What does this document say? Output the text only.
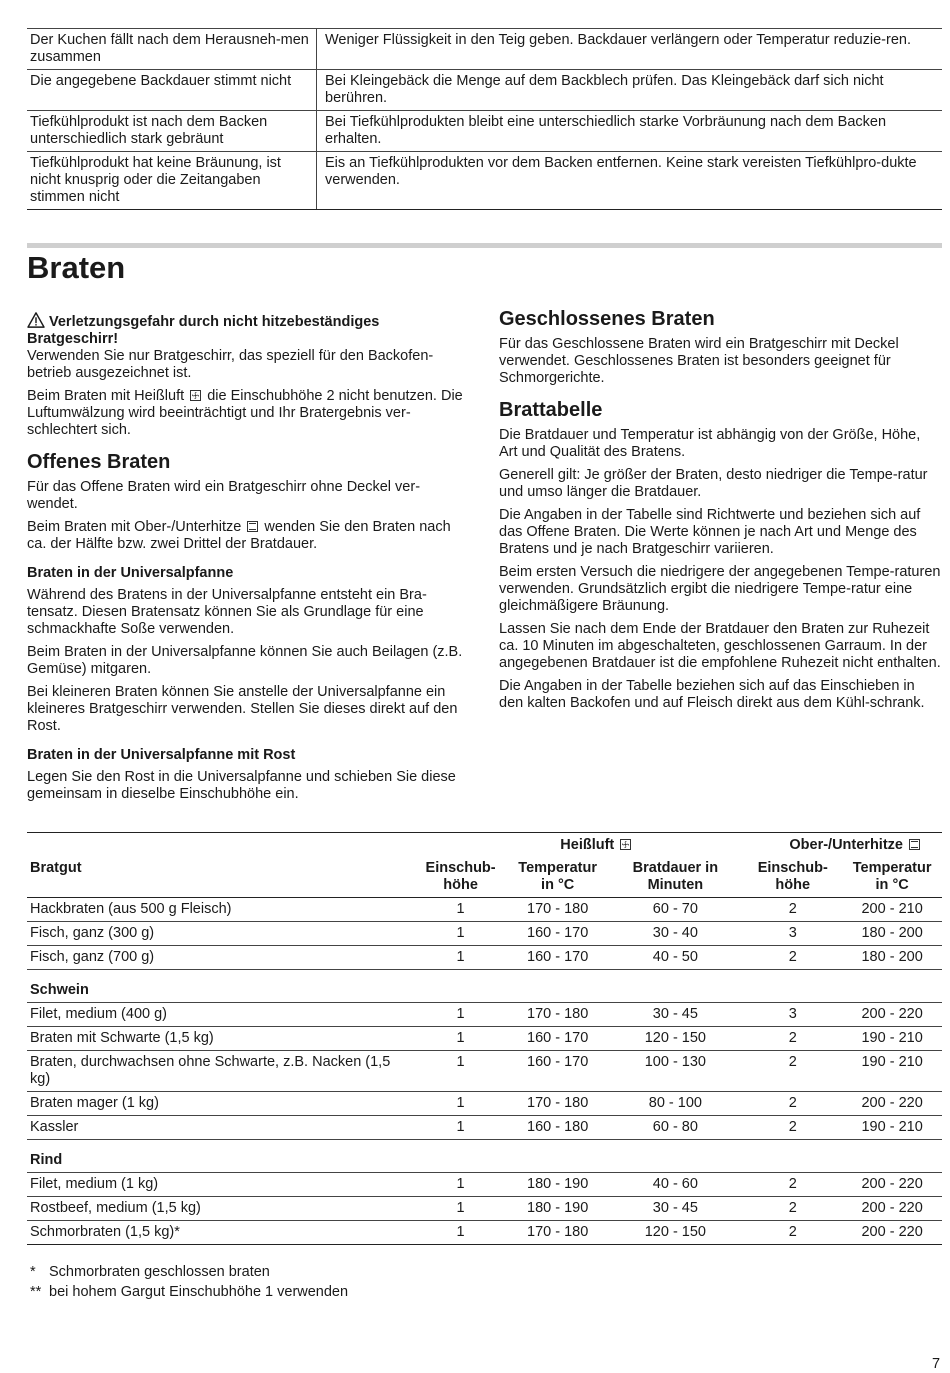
Der Kuchen fällt nach dem Herausneh-men zusammen	Weniger Flüssigkeit in den Teig geben. Backdauer verlängern oder Temperatur reduzie-ren.
Die angegebene Backdauer stimmt nicht	Bei Kleingebäck die Menge auf dem Backblech prüfen. Das Kleingebäck darf sich nicht berühren.
Tiefkühlprodukt ist nach dem Backen unterschiedlich stark gebräunt	Bei Tiefkühlprodukten bleibt eine unterschiedlich starke Vorbräunung nach dem Backen erhalten.
Tiefkühlprodukt hat keine Bräunung, ist nicht knusprig oder die Zeitangaben stimmen nicht	Eis an Tiefkühlprodukten vor dem Backen entfernen. Keine stark vereisten Tiefkühlpro-dukte verwenden.
Braten

Verletzungsgefahr durch nicht hitzebeständiges Bratgeschirr!

Verwenden Sie nur Bratgeschirr, das speziell für den Backofen-betrieb ausgezeichnet ist.

Beim Braten mit Heißluft die Einschubhöhe 2 nicht benutzen. Die Luftumwälzung wird beeinträchtigt und Ihr Bratergebnis ver-schlechtert sich.

Offenes Braten

Für das Offene Braten wird ein Bratgeschirr ohne Deckel ver-wendet.

Beim Braten mit Ober-/Unterhitze wenden Sie den Braten nach ca. der Hälfte bzw. zwei Drittel der Bratdauer.

Braten in der Universalpfanne

Während des Bratens in der Universalpfanne entsteht ein Bra-tensatz. Diesen Bratensatz können Sie als Grundlage für eine schmackhafte Soße verwenden.

Beim Braten in der Universalpfanne können Sie auch Beilagen (z.B. Gemüse) mitgaren.

Bei kleineren Braten können Sie anstelle der Universalpfanne ein kleineres Bratgeschirr verwenden. Stellen Sie dieses direkt auf den Rost.

Braten in der Universalpfanne mit Rost

Legen Sie den Rost in die Universalpfanne und schieben Sie diese gemeinsam in dieselbe Einschubhöhe ein.

Geschlossenes Braten

Für das Geschlossene Braten wird ein Bratgeschirr mit Deckel verwendet. Geschlossenes Braten ist besonders geeignet für Schmorgerichte.

Brattabelle

Die Bratdauer und Temperatur ist abhängig von der Größe, Höhe, Art und Qualität des Bratens.

Generell gilt: Je größer der Braten, desto niedriger die Tempe-ratur und umso länger die Bratdauer.

Die Angaben in der Tabelle sind Richtwerte und beziehen sich auf das Offene Braten. Die Werte können je nach Art und Menge des Bratens und je nach Bratgeschirr variieren.

Beim ersten Versuch die niedrigere der angegebenen Tempe-raturen verwenden. Grundsätzlich ergibt die niedrigere Tempe-ratur eine gleichmäßigere Bräunung.

Lassen Sie nach dem Ende der Bratdauer den Braten zur Ruhezeit ca. 10 Minuten im abgeschalteten, geschlossenen Garraum. In der angegebenen Bratdauer ist die empfohlene Ruhezeit nicht enthalten.

Die Angaben in der Tabelle beziehen sich auf das Einschieben in den kalten Backofen und auf Fleisch direkt aus dem Kühl-schrank.

	Heißluft			Ober-/Unterhitze	

Bratgut	Einschub-höhe	Temperatur in °C	Bratdauer in Minuten	Einschub-höhe	Temperatur in °C
Hackbraten (aus 500 g Fleisch)	1	170 - 180	60 - 70	2	200 - 210
Fisch, ganz (300 g)	1	160 - 170	30 - 40	3	180 - 200
Fisch, ganz (700 g)	1	160 - 170	40 - 50	2	180 - 200
Schwein					
Filet, medium (400 g)	1	170 - 180	30 - 45	3	200 - 220
Braten mit Schwarte (1,5 kg)	1	160 - 170	120 - 150	2	190 - 210
Braten, durchwachsen ohne Schwarte, z.B. Nacken (1,5 kg)	1	160 - 170	100 - 130	2	190 - 210
Braten mager (1 kg)	1	170 - 180	80 - 100	2	200 - 220
Kassler	1	160 - 180	60 - 80	2	190 - 210
Rind					
Filet, medium (1 kg)	1	180 - 190	40 - 60	2	200 - 220
Rostbeef, medium (1,5 kg)	1	180 - 190	30 - 45	2	200 - 220
Schmorbraten (1,5 kg)*	1	170 - 180	120 - 150	2	200 - 220
* Schmorbraten geschlossen braten
** bei hohem Gargut Einschubhöhe 1 verwenden
7
